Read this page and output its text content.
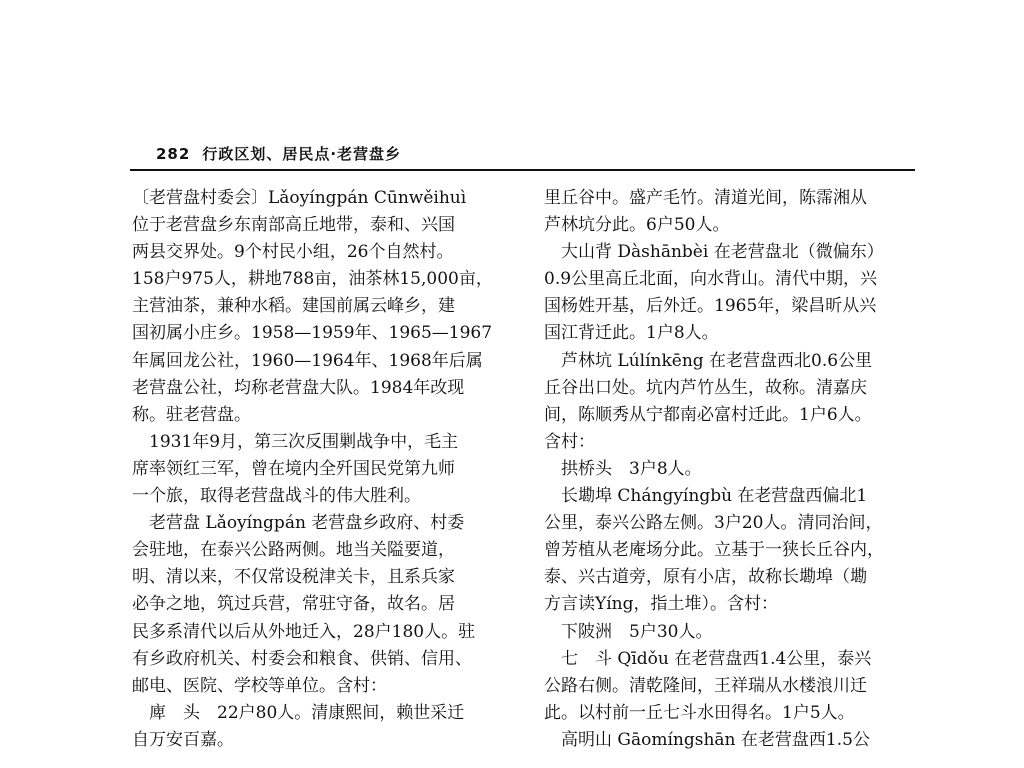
282 行政区划、居民点·老营盘乡
〔老营盘村委会〕Lǎoyíngpán Cūnwěihuì
位于老营盘乡东南部高丘地带，泰和、兴国
两县交界处。9个村民小组，26个自然村。
158户975人，耕地788亩，油茶林15,000亩，
主营油茶，兼种水稻。建国前属云峰乡，建
国初属小庄乡。1958—1959年、1965—1967
年属回龙公社，1960—1964年、1968年后属
老营盘公社，均称老营盘大队。1984年改现
称。驻老营盘。
　1931年9月，第三次反围剿战争中，毛主
席率领红三军，曾在境内全歼国民党第九师
一个旅，取得老营盘战斗的伟大胜利。
　老营盘 Lǎoyíngpán 老营盘乡政府、村委
会驻地，在泰兴公路两侧。地当关隘要道，
明、清以来，不仅常设税津关卡，且系兵家
必争之地，筑过兵营，常驻守备，故名。居
民多系清代以后从外地迁入，28户180人。驻
有乡政府机关、村委会和粮食、供销、信用、
邮电、医院、学校等单位。含村：
　庳　头　22户80人。清康熙间，赖世采迁
自万安百嘉。
里丘谷中。盛产毛竹。清道光间，陈霈湘从
芦林坑分此。6户50人。
　大山背 Dàshānbèi 在老营盘北（微偏东）
0.9公里高丘北面，向水背山。清代中期，兴
国杨姓开基，后外迁。1965年，梁昌昕从兴
国江背迁此。1户8人。
　芦林坑 Lúlínkēng 在老营盘西北0.6公里
丘谷出口处。坑内芦竹丛生，故称。清嘉庆
间，陈顺秀从宁都南必富村迁此。1户6人。
含村：
　拱桥头　3户8人。
　长墈埠 Chángyíngbù 在老营盘西偏北1
公里，泰兴公路左侧。3户20人。清同治间，
曾芳植从老庵场分此。立基于一狭长丘谷内，
泰、兴古道旁，原有小店，故称长墈埠（墈
方言读Yíng，指土堆）。含村：
　下陂洲　5户30人。
　七　斗 Qīdǒu 在老营盘西1.4公里，泰兴
公路右侧。清乾隆间，王祥瑞从水楼浪川迁
此。以村前一丘七斗水田得名。1户5人。
　高明山 Gāomíngshān 在老营盘西1.5公
